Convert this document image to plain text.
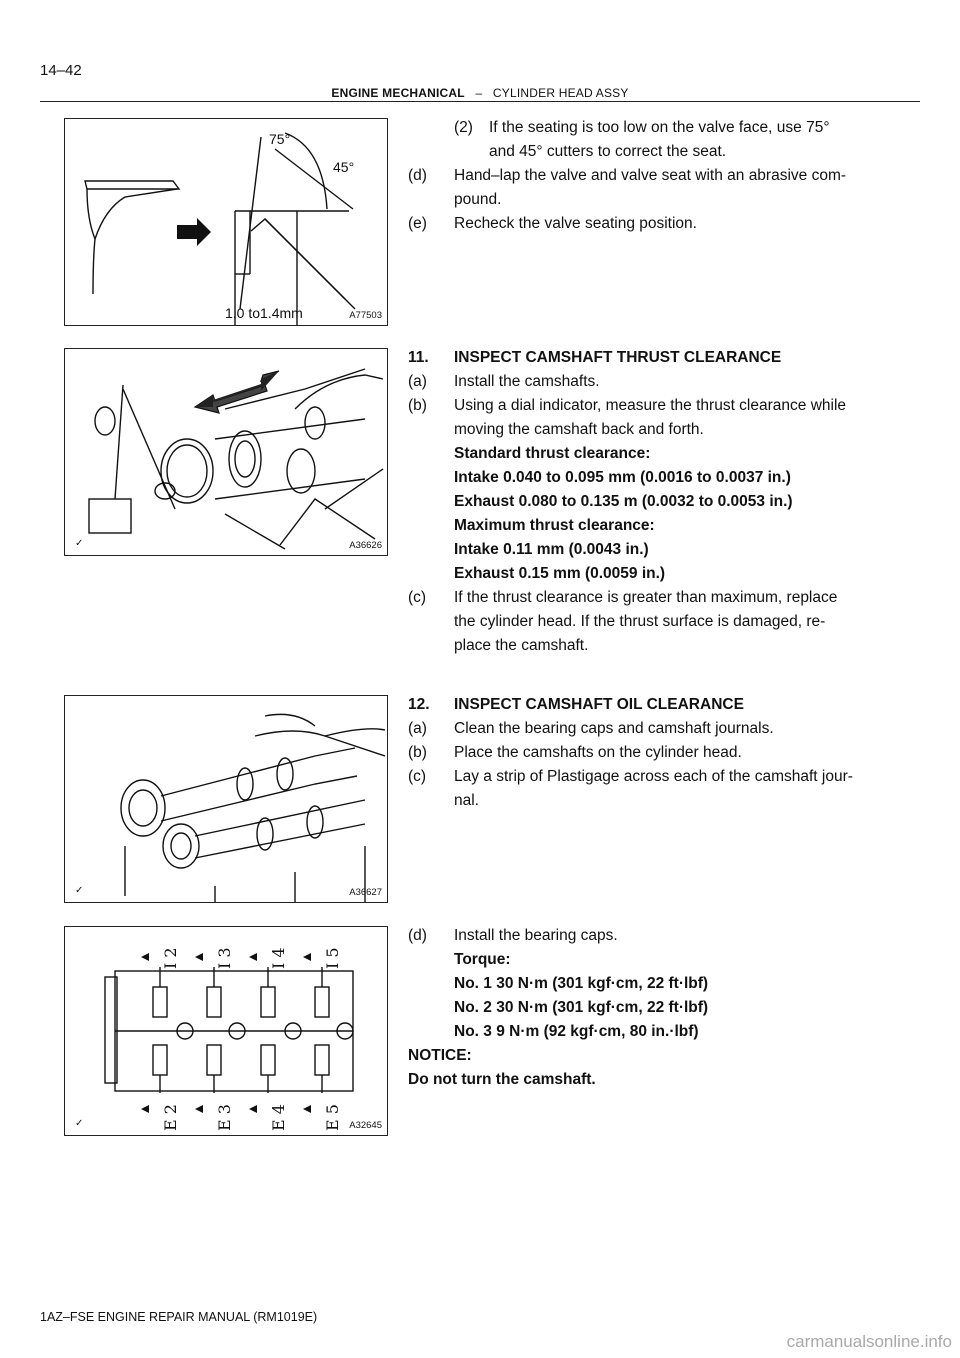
14–42
ENGINE MECHANICAL – CYLINDER HEAD ASSY
75°
45°
1.0 to1.4mm	A77503
✓	A36626
✓	A36627
I 2 I 3 I 4 I 5
E 2 E 3 E 4 E 5
✓	A32645
(2) If the seating is too low on the valve face, use 75°
and 45° cutters to correct the seat.
(d) Hand–lap the valve and valve seat with an abrasive com-
pound.
(e) Recheck the valve seating position.
11. INSPECT CAMSHAFT THRUST CLEARANCE
(a) Install the camshafts.
(b) Using a dial indicator, measure the thrust clearance while
moving the camshaft back and forth.
Standard thrust clearance:
Intake 0.040 to 0.095 mm (0.0016 to 0.0037 in.)
Exhaust 0.080 to 0.135 m (0.0032 to 0.0053 in.)
Maximum thrust clearance:
Intake 0.11 mm (0.0043 in.)
Exhaust 0.15 mm (0.0059 in.)
(c) If the thrust clearance is greater than maximum, replace
the cylinder head. If the thrust surface is damaged, re-
place the camshaft.
12. INSPECT CAMSHAFT OIL CLEARANCE
(a) Clean the bearing caps and camshaft journals.
(b) Place the camshafts on the cylinder head.
(c) Lay a strip of Plastigage across each of the camshaft jour-
nal.
(d) Install the bearing caps.
Torque:
No. 1 30 N·m (301 kgf·cm, 22 ft·lbf)
No. 2 30 N·m (301 kgf·cm, 22 ft·lbf)
No. 3 9 N·m (92 kgf·cm, 80 in.·lbf)
NOTICE:
Do not turn the camshaft.
1AZ–FSE ENGINE REPAIR MANUAL (RM1019E)
carmanualsonline.info
